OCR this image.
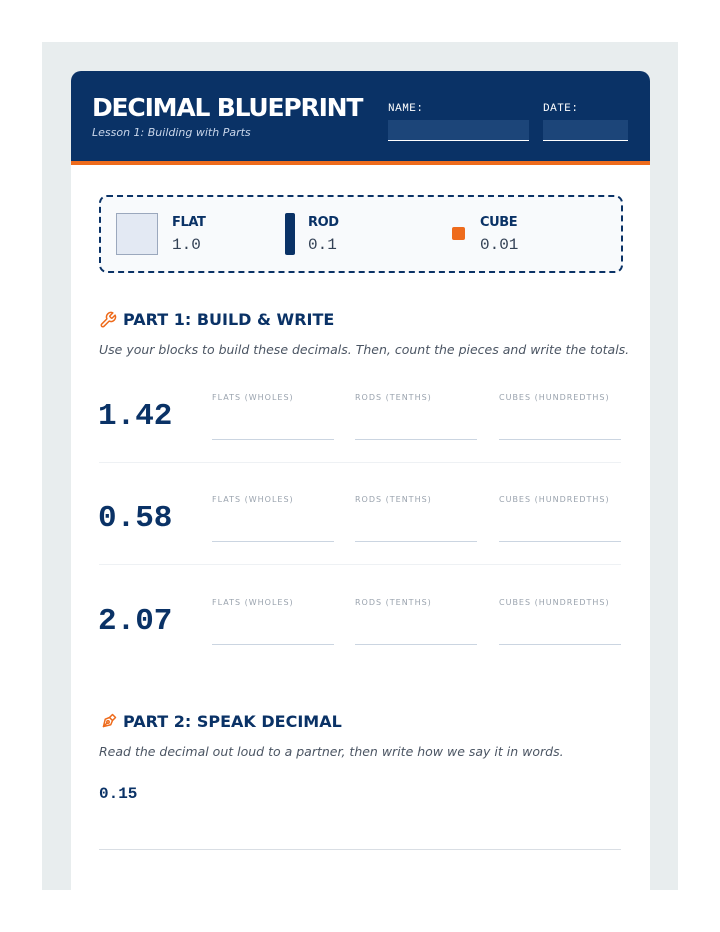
DECIMAL BLUEPRINT
Lesson 1: Building with Parts
NAME:	DATE:
FLAT
1.0
ROD
0.1
CUBE
0.01
PART 1: BUILD & WRITE
Use your blocks to build these decimals. Then, count the pieces and write the totals.
1.42
FLATS (WHOLES)	RODS (TENTHS)	CUBES (HUNDREDTHS)
0.58
FLATS (WHOLES)	RODS (TENTHS)	CUBES (HUNDREDTHS)
2.07
FLATS (WHOLES)	RODS (TENTHS)	CUBES (HUNDREDTHS)
PART 2: SPEAK DECIMAL
Read the decimal out loud to a partner, then write how we say it in words.
0.15
